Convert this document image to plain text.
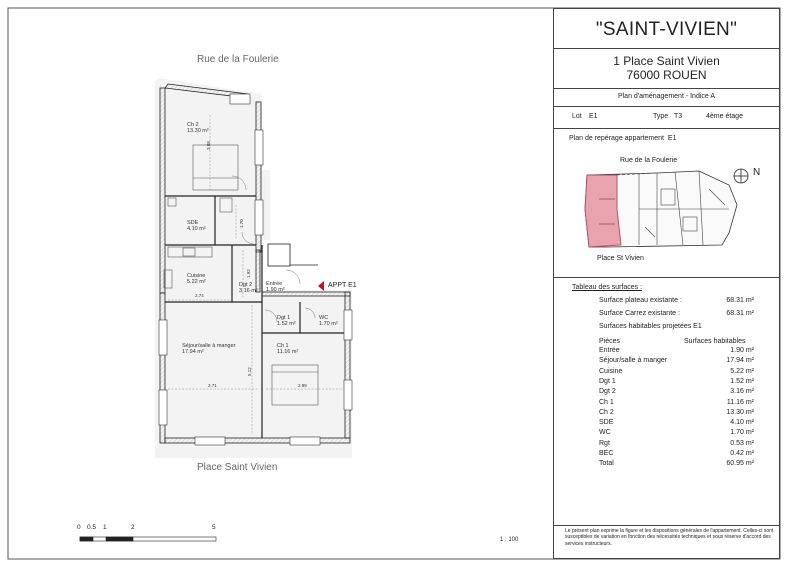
Rue de la Foulerie
Place Saint Vivien
Ch 2
13.30 m²
SDE
4.10 m²
Cuisine
5.22 m²	Dgt 2
3.16 m²
Entrée
1.90 m²
Dgt 1
1.52 m²
WC
1.70 m²
Séjour/salle à manger
17.94 m²
Ch 1
11.16 m²
3.88
2.74
3.71	2.99
1.92
1.70
5.12
APPT E1
0 0.5 1	2	5
1 : 100
"SAINT-VIVIEN"
1 Place Saint Vivien
76000 ROUEN
Plan d'aménagement - Indice A
Lot E1	Type T3	4ème étage
Plan de repérage appartement E1
Rue de la Foulerie
Place St Vivien
N
Tableau des surfaces :
Surface plateau existante :	68.31 m²
Surface Carrez existante :	68.31 m²
Surfaces habitables projetées E1
Pièces	Surfaces habitables
Entrée	1.90 m²
Séjour/salle à manger	17.94 m²
Cuisine	5.22 m²
Dgt 1	1.52 m²
Dgt 2	3.16 m²
Ch 1	11.16 m²
Ch 2	13.30 m²
SDE	4.10 m²
WC	1.70 m²
Rgt	0.53 m²
BEC	0.42 m²
Total	60.95 m²
Le présent plan exprime la figure et les dispositions générales de l'appartement. Celles-ci sont susceptibles de variation en fonction des nécessités techniques et sous réserve d'accord des services instructeurs.
